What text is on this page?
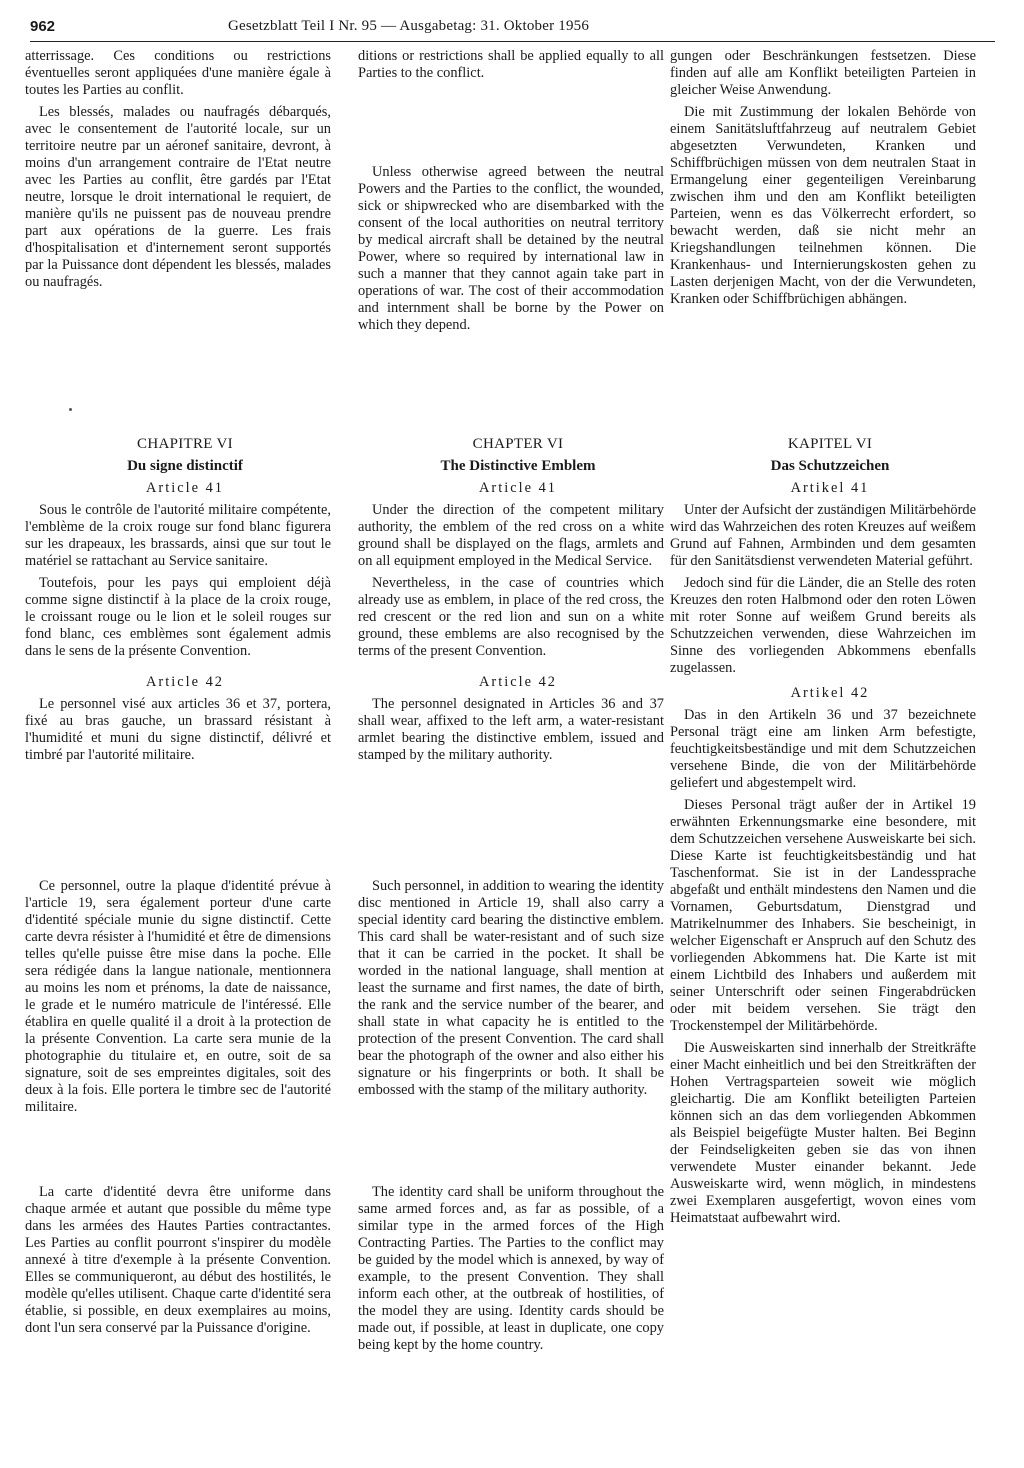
962	Gesetzblatt Teil I Nr. 95 — Ausgabetag: 31. Oktober 1956

atterrissage. Ces conditions ou restrictions éventuelles seront appliquées d'une manière égale à toutes les Parties au conflit.

Les blessés, malades ou naufragés débarqués, avec le consentement de l'autorité locale, sur un territoire neutre par un aéronef sanitaire, devront, à moins d'un arrangement contraire de l'Etat neutre avec les Parties au conflit, être gardés par l'Etat neutre, lorsque le droit international le requiert, de manière qu'ils ne puissent pas de nouveau prendre part aux opérations de la guerre. Les frais d'hospitalisation et d'internement seront supportés par la Puissance dont dépendent les blessés, malades ou naufragés.

CHAPITRE VI

Du signe distinctif

Article 41

Sous le contrôle de l'autorité militaire compétente, l'emblème de la croix rouge sur fond blanc figurera sur les drapeaux, les brassards, ainsi que sur tout le matériel se rattachant au Service sanitaire.

Toutefois, pour les pays qui emploient déjà comme signe distinctif à la place de la croix rouge, le croissant rouge ou le lion et le soleil rouges sur fond blanc, ces emblèmes sont également admis dans le sens de la présente Convention.

Article 42

Le personnel visé aux articles 36 et 37, portera, fixé au bras gauche, un brassard résistant à l'humidité et muni du signe distinctif, délivré et timbré par l'autorité militaire.

Ce personnel, outre la plaque d'identité prévue à l'article 19, sera également porteur d'une carte d'identité spéciale munie du signe distinctif. Cette carte devra résister à l'humidité et être de dimensions telles qu'elle puisse être mise dans la poche. Elle sera rédigée dans la langue nationale, mentionnera au moins les nom et prénoms, la date de naissance, le grade et le numéro matricule de l'intéressé. Elle établira en quelle qualité il a droit à la protection de la présente Convention. La carte sera munie de la photographie du titulaire et, en outre, soit de sa signature, soit de ses empreintes digitales, soit des deux à la fois. Elle portera le timbre sec de l'autorité militaire.

La carte d'identité devra être uniforme dans chaque armée et autant que possible du même type dans les armées des Hautes Parties contractantes. Les Parties au conflit pourront s'inspirer du modèle annexé à titre d'exemple à la présente Convention. Elles se communiqueront, au début des hostilités, le modèle qu'elles utilisent. Chaque carte d'identité sera établie, si possible, en deux exemplaires au moins, dont l'un sera conservé par la Puissance d'origine.

ditions or restrictions shall be applied equally to all Parties to the conflict.

Unless otherwise agreed between the neutral Powers and the Parties to the conflict, the wounded, sick or shipwrecked who are disembarked with the consent of the local authorities on neutral territory by medical aircraft shall be detained by the neutral Power, where so required by international law in such a manner that they cannot again take part in operations of war. The cost of their accommodation and internment shall be borne by the Power on which they depend.

CHAPTER VI

The Distinctive Emblem

Article 41

Under the direction of the competent military authority, the emblem of the red cross on a white ground shall be displayed on the flags, armlets and on all equipment employed in the Medical Service.

Nevertheless, in the case of countries which already use as emblem, in place of the red cross, the red crescent or the red lion and sun on a white ground, these emblems are also recognised by the terms of the present Convention.

Article 42

The personnel designated in Articles 36 and 37 shall wear, affixed to the left arm, a water-resistant armlet bearing the distinctive emblem, issued and stamped by the military authority.

Such personnel, in addition to wearing the identity disc mentioned in Article 19, shall also carry a special identity card bearing the distinctive emblem. This card shall be water-resistant and of such size that it can be carried in the pocket. It shall be worded in the national language, shall mention at least the surname and first names, the date of birth, the rank and the service number of the bearer, and shall state in what capacity he is entitled to the protection of the present Convention. The card shall bear the photograph of the owner and also either his signature or his fingerprints or both. It shall be embossed with the stamp of the military authority.

The identity card shall be uniform throughout the same armed forces and, as far as possible, of a similar type in the armed forces of the High Contracting Parties. The Parties to the conflict may be guided by the model which is annexed, by way of example, to the present Convention. They shall inform each other, at the outbreak of hostilities, of the model they are using. Identity cards should be made out, if possible, at least in duplicate, one copy being kept by the home country.

gungen oder Beschränkungen festsetzen. Diese finden auf alle am Konflikt beteiligten Parteien in gleicher Weise Anwendung.

Die mit Zustimmung der lokalen Behörde von einem Sanitätsluftfahrzeug auf neutralem Gebiet abgesetzten Verwundeten, Kranken und Schiffbrüchigen müssen von dem neutralen Staat in Ermangelung einer gegenteiligen Vereinbarung zwischen ihm und den am Konflikt beteiligten Parteien, wenn es das Völkerrecht erfordert, so bewacht werden, daß sie nicht mehr an Kriegshandlungen teilnehmen können. Die Krankenhaus- und Internierungskosten gehen zu Lasten derjenigen Macht, von der die Verwundeten, Kranken oder Schiffbrüchigen abhängen.

KAPITEL VI

Das Schutzzeichen

Artikel 41

Unter der Aufsicht der zuständigen Militärbehörde wird das Wahrzeichen des roten Kreuzes auf weißem Grund auf Fahnen, Armbinden und dem gesamten für den Sanitätsdienst verwendeten Material geführt.

Jedoch sind für die Länder, die an Stelle des roten Kreuzes den roten Halbmond oder den roten Löwen mit roter Sonne auf weißem Grund bereits als Schutzzeichen verwenden, diese Wahrzeichen im Sinne des vorliegenden Abkommens ebenfalls zugelassen.

Artikel 42

Das in den Artikeln 36 und 37 bezeichnete Personal trägt eine am linken Arm befestigte, feuchtigkeitsbeständige und mit dem Schutzzeichen versehene Binde, die von der Militärbehörde geliefert und abgestempelt wird.

Dieses Personal trägt außer der in Artikel 19 erwähnten Erkennungsmarke eine besondere, mit dem Schutzzeichen versehene Ausweiskarte bei sich. Diese Karte ist feuchtigkeitsbeständig und hat Taschenformat. Sie ist in der Landessprache abgefaßt und enthält mindestens den Namen und die Vornamen, Geburtsdatum, Dienstgrad und Matrikelnummer des Inhabers. Sie bescheinigt, in welcher Eigenschaft er Anspruch auf den Schutz des vorliegenden Abkommens hat. Die Karte ist mit einem Lichtbild des Inhabers und außerdem mit seiner Unterschrift oder seinen Fingerabdrücken oder mit beidem versehen. Sie trägt den Trockenstempel der Militärbehörde.

Die Ausweiskarten sind innerhalb der Streitkräfte einer Macht einheitlich und bei den Streitkräften der Hohen Vertragsparteien soweit wie möglich gleichartig. Die am Konflikt beteiligten Parteien können sich an das dem vorliegenden Abkommen als Beispiel beigefügte Muster halten. Bei Beginn der Feindseligkeiten geben sie das von ihnen verwendete Muster einander bekannt. Jede Ausweiskarte wird, wenn möglich, in mindestens zwei Exemplaren ausgefertigt, wovon eines vom Heimatstaat aufbewahrt wird.
